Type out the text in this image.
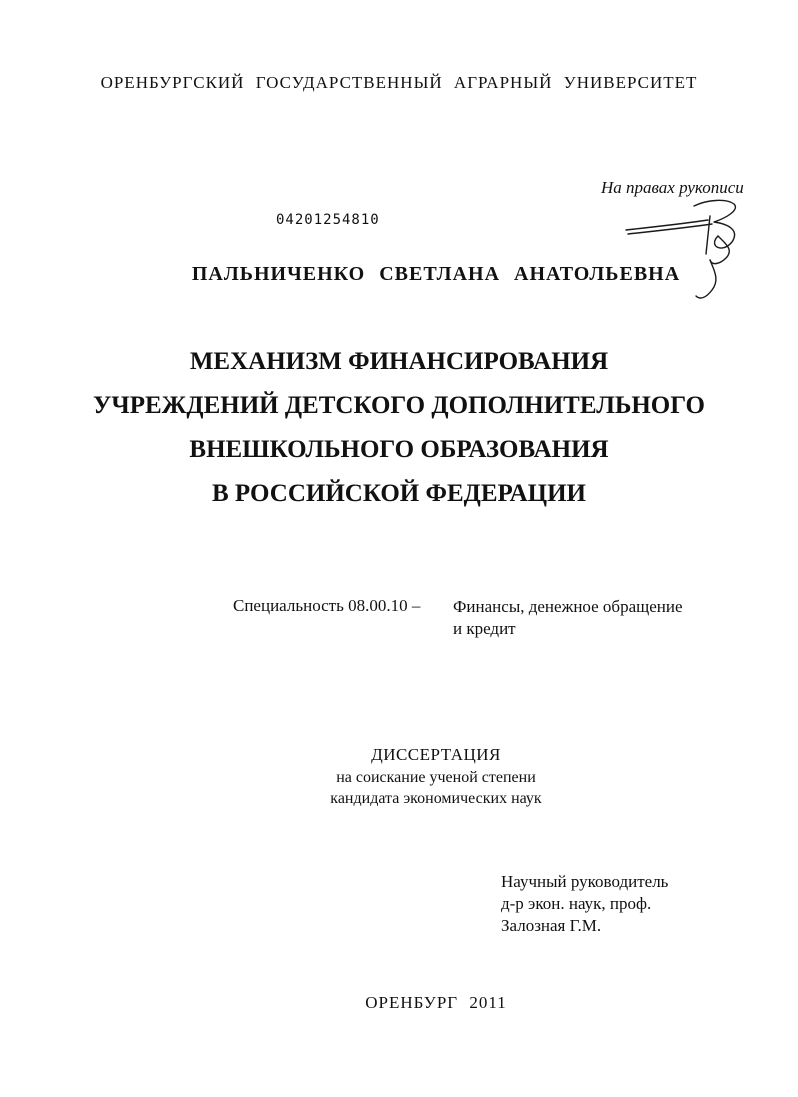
ОРЕНБУРГСКИЙ ГОСУДАРСТВЕННЫЙ АГРАРНЫЙ УНИВЕРСИТЕТ
На правах рукописи
04201254810
ПАЛЬНИЧЕНКО СВЕТЛАНА АНАТОЛЬЕВНА
МЕХАНИЗМ ФИНАНСИРОВАНИЯ
УЧРЕЖДЕНИЙ ДЕТСКОГО ДОПОЛНИТЕЛЬНОГО
ВНЕШКОЛЬНОГО ОБРАЗОВАНИЯ
В РОССИЙСКОЙ ФЕДЕРАЦИИ
Специальность 08.00.10 – Финансы, денежное обращение
и кредит
ДИССЕРТАЦИЯ
на соискание ученой степени
кандидата экономических наук
Научный руководитель
д-р экон. наук, проф.
Залозная Г.М.
ОРЕНБУРГ 2011
